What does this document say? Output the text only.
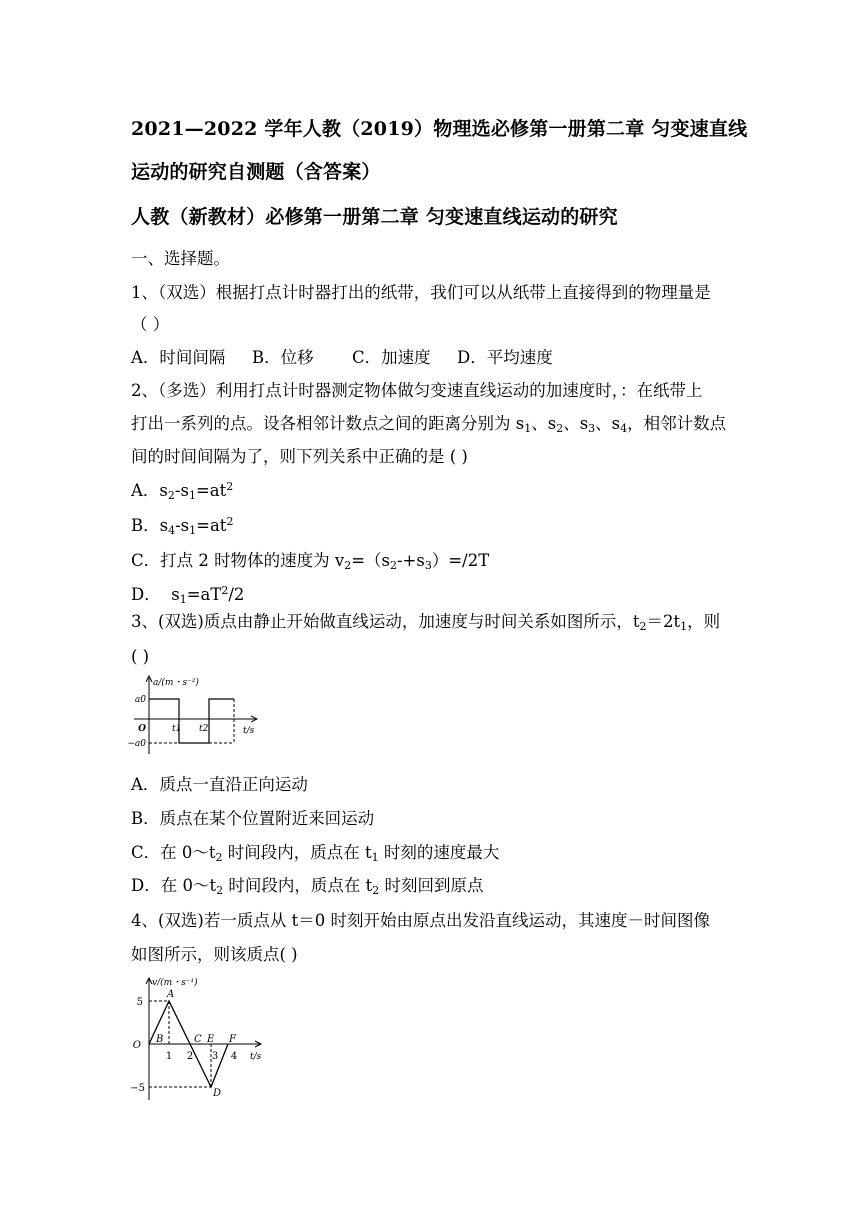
2021—2022 学年人教（2019）物理选必修第一册第二章 匀变速直线
运动的研究自测题（含答案）
人教（新教材）必修第一册第二章 匀变速直线运动的研究
一、选择题。
1、（双选）根据打点计时器打出的纸带，我们可以从纸带上直接得到的物理量是
（ ）
A．时间间隔 B．位移 C．加速度 D．平均速度
2、（多选）利用打点计时器测定物体做匀变速直线运动的加速度时，：在纸带上
打出一系列的点。设各相邻计数点之间的距离分别为 $s_1$、$s_2$、$s_3$、$s_4$，相邻计数点
间的时间间隔为了，则下列关系中正确的是 ( )
A．$s_2-s_1=at^2$
B．$s_4-s_1=at^2$
C．打点 2 时物体的速度为 $v_2=(s_2-+s_3)=/2T$
D．  $s_1=aT^2/2$
3、(双选)质点由静止开始做直线运动，加速度与时间关系如图所示，$t_2=2t_1$，则
( )
a/(m・s⁻²)
a0
−a0
O	t1 t2	t/s
A．质点一直沿正向运动
B．质点在某个位置附近来回运动
C．在 $0\sim t_2$ 时间段内，质点在 $t_1$ 时刻的速度最大
D．在 $0\sim t_2$ 时间段内，质点在 $t_2$ 时刻回到原点
4、(双选)若一质点从 t＝0 时刻开始由原点出发沿直线运动，其速度－时间图像
如图所示，则该质点( )
v/(m・s⁻¹)
5
−5
O
1 2 3 4 t/s
A
B	C E F
D
